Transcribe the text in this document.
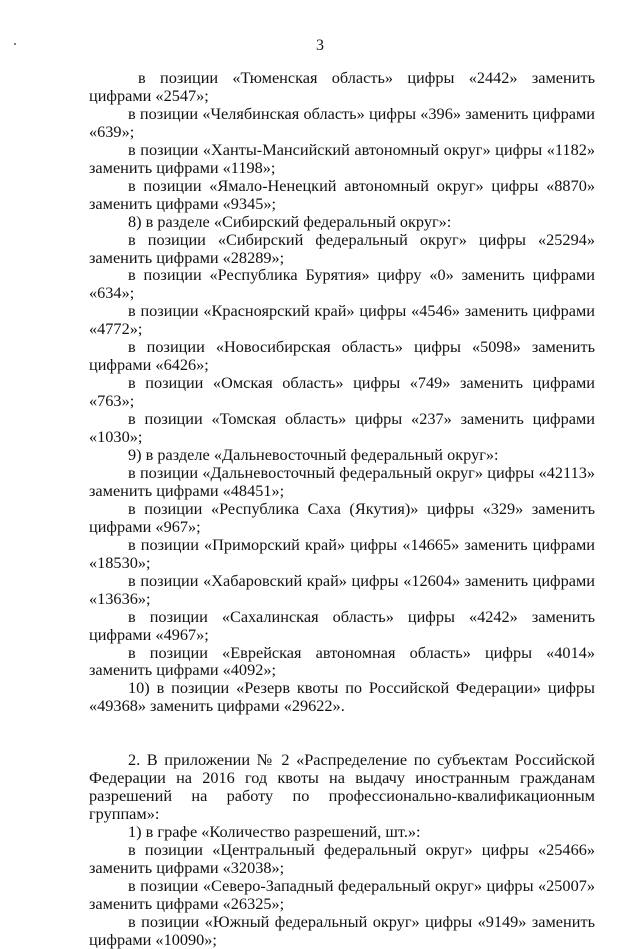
3

в позиции «Тюменская область» цифры «2442» заменить цифрами «2547»;

в позиции «Челябинская область» цифры «396» заменить цифрами «639»;

в позиции «Ханты-Мансийский автономный округ» цифры «1182» заменить цифрами «1198»;

в позиции «Ямало-Ненецкий автономный округ» цифры «8870» заменить цифрами «9345»;

8) в разделе «Сибирский федеральный округ»:

в позиции «Сибирский федеральный округ» цифры «25294» заменить цифрами «28289»;

в позиции «Республика Бурятия» цифру «0» заменить цифрами «634»;

в позиции «Красноярский край» цифры «4546» заменить цифрами «4772»;

в позиции «Новосибирская область» цифры «5098» заменить цифрами «6426»;

в позиции «Омская область» цифры «749» заменить цифрами «763»;

в позиции «Томская область» цифры «237» заменить цифрами «1030»;

9) в разделе «Дальневосточный федеральный округ»:

в позиции «Дальневосточный федеральный округ» цифры «42113» заменить цифрами «48451»;

в позиции «Республика Саха (Якутия)» цифры «329» заменить цифрами «967»;

в позиции «Приморский край» цифры «14665» заменить цифрами «18530»;

в позиции «Хабаровский край» цифры «12604» заменить цифрами «13636»;

в позиции «Сахалинская область» цифры «4242» заменить цифрами «4967»;

в позиции «Еврейская автономная область» цифры «4014» заменить цифрами «4092»;

10) в позиции «Резерв квоты по Российской Федерации» цифры «49368» заменить цифрами «29622».

2. В приложении № 2 «Распределение по субъектам Российской Федерации на 2016 год квоты на выдачу иностранным гражданам разрешений на работу по профессионально-квалификационным группам»:

1) в графе «Количество разрешений, шт.»:

в позиции «Центральный федеральный округ» цифры «25466» заменить цифрами «32038»;

в позиции «Северо-Западный федеральный округ» цифры «25007» заменить цифрами «26325»;

в позиции «Южный федеральный округ» цифры «9149» заменить цифрами «10090»;
